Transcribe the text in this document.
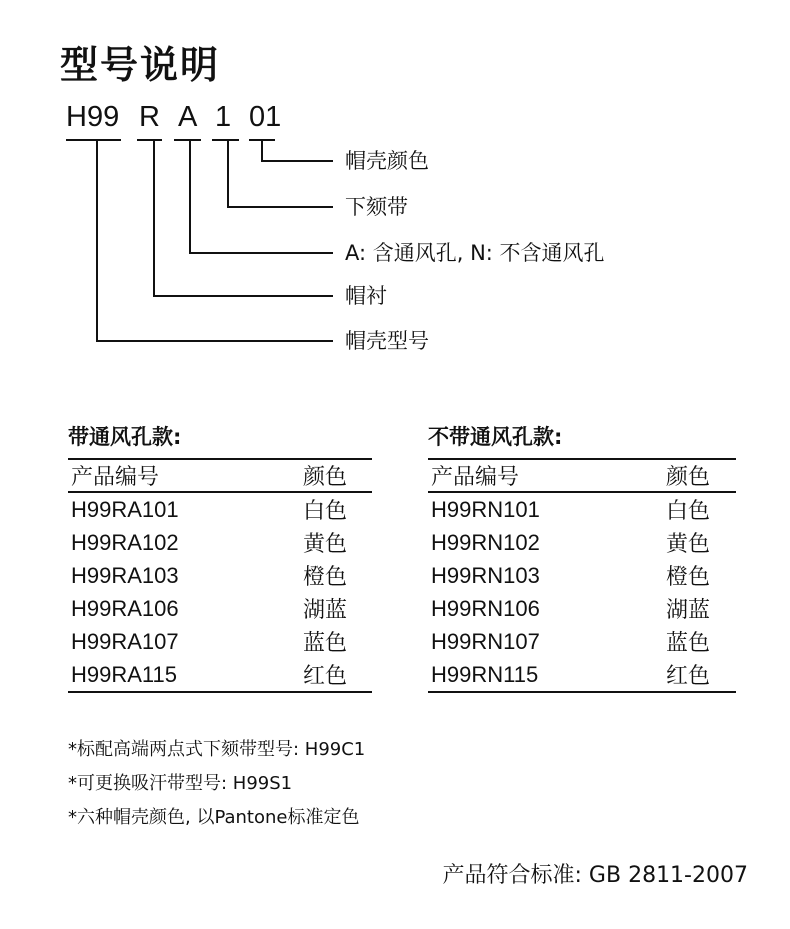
型号说明
H99 R A 1 01
帽壳颜色
下颏带
A: 含通风孔, N: 不含通风孔
帽衬
帽壳型号
带通风孔款:
产品编号	颜色
H99RA101	白色
H99RA102	黄色
H99RA103	橙色
H99RA106	湖蓝
H99RA107	蓝色
H99RA115	红色
不带通风孔款:
产品编号	颜色
H99RN101	白色
H99RN102	黄色
H99RN103	橙色
H99RN106	湖蓝
H99RN107	蓝色
H99RN115	红色
*标配高端两点式下颏带型号: H99C1
*可更换吸汗带型号: H99S1
*六种帽壳颜色, 以Pantone标准定色
产品符合标准: GB 2811-2007
